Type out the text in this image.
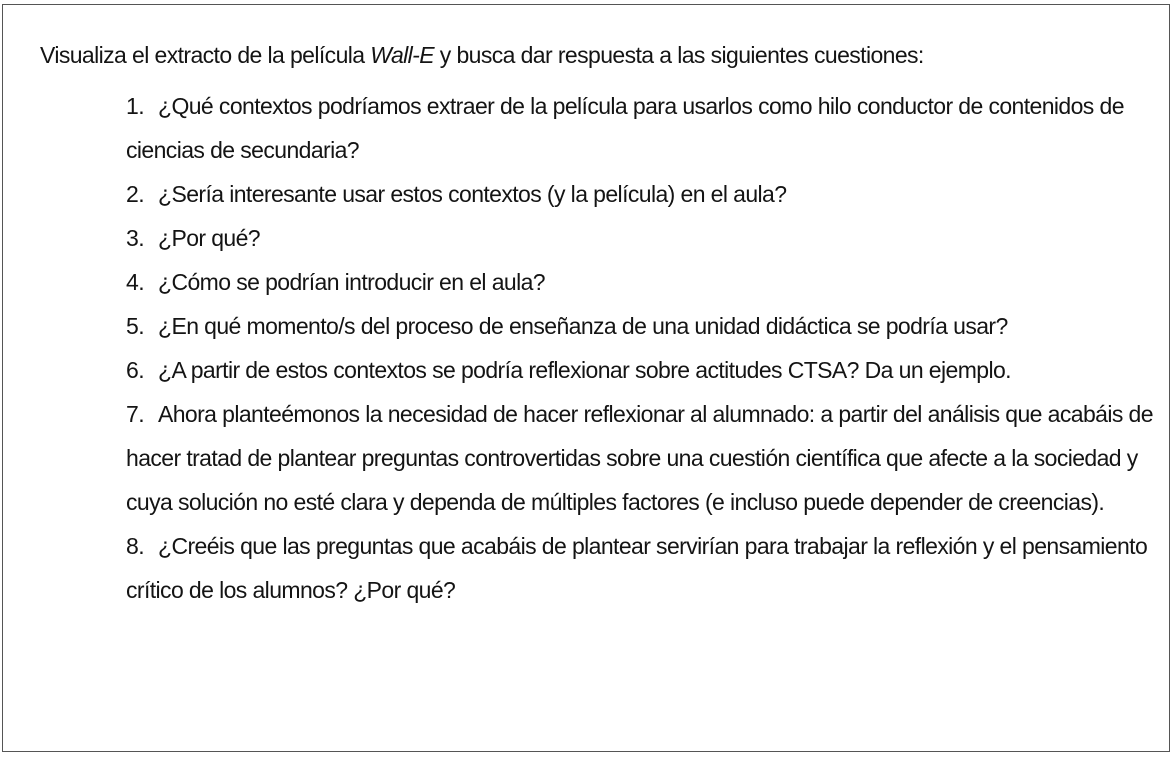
Visualiza el extracto de la película Wall-E y busca dar respuesta a las siguientes cuestiones:
1. ¿Qué contextos podríamos extraer de la película para usarlos como hilo conductor de contenidos de ciencias de secundaria?
2. ¿Sería interesante usar estos contextos (y la película) en el aula?
3. ¿Por qué?
4. ¿Cómo se podrían introducir en el aula?
5. ¿En qué momento/s del proceso de enseñanza de una unidad didáctica se podría usar?
6. ¿A partir de estos contextos se podría reflexionar sobre actitudes CTSA? Da un ejemplo.
7. Ahora planteémonos la necesidad de hacer reflexionar al alumnado: a partir del análisis que acabáis de hacer tratad de plantear preguntas controvertidas sobre una cuestión científica que afecte a la sociedad y cuya solución no esté clara y dependa de múltiples factores (e incluso puede depender de creencias).
8. ¿Creéis que las preguntas que acabáis de plantear servirían para trabajar la reflexión y el pensamiento crítico de los alumnos? ¿Por qué?
